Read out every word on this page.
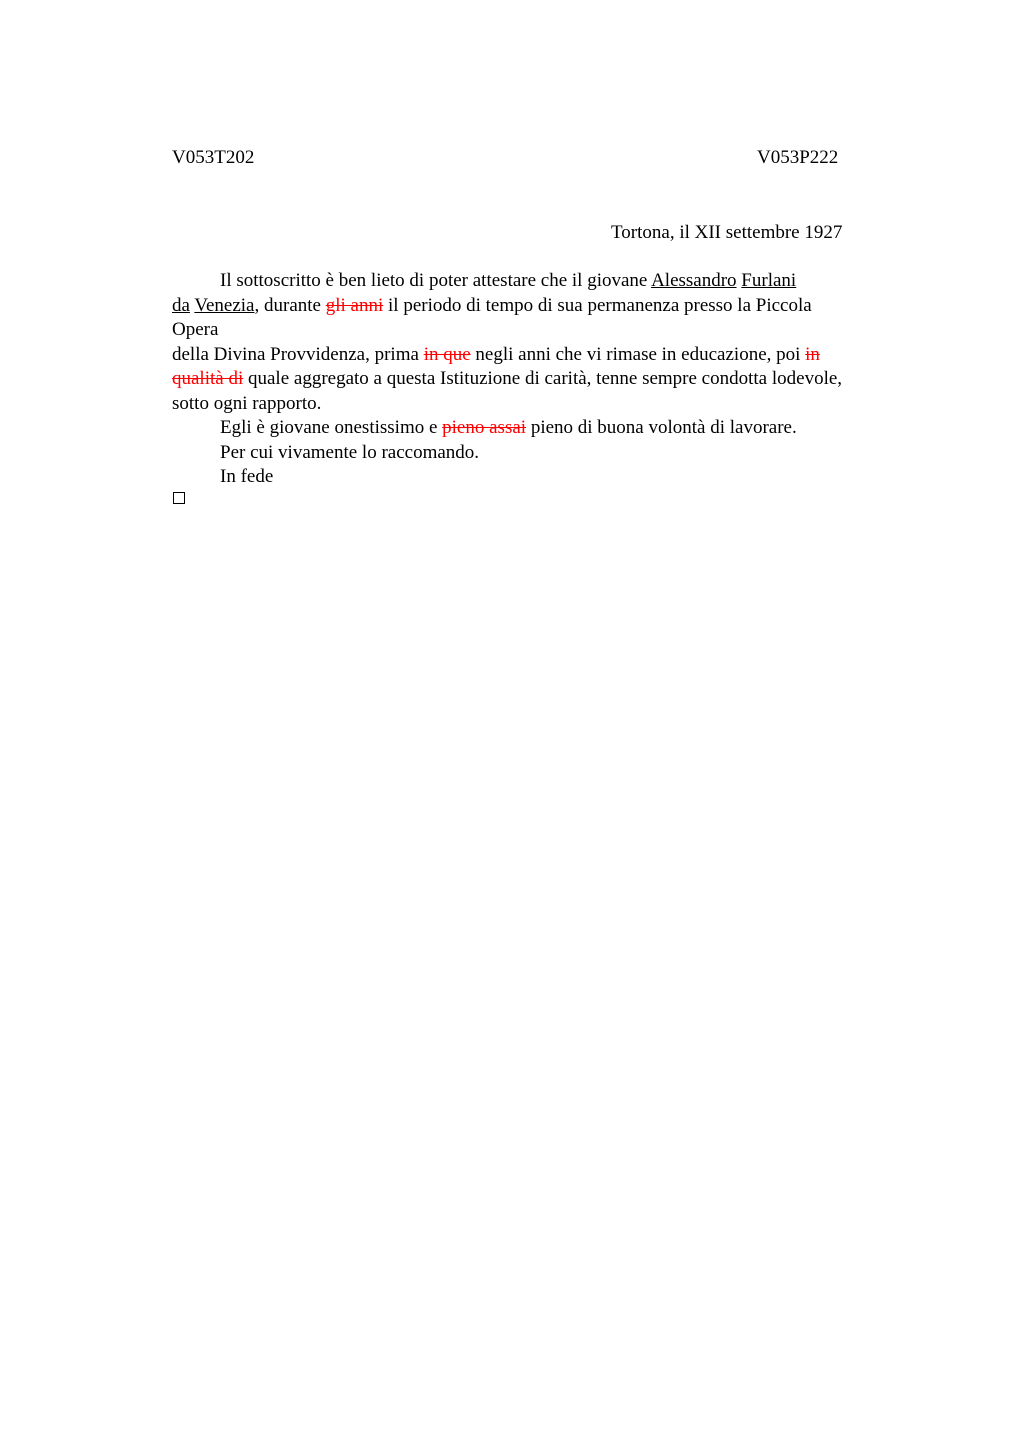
V053T202	V053P222
Tortona, il XII settembre 1927
Il sottoscritto è ben lieto di poter attestare che il giovane Alessandro Furlani
da Venezia, durante gli anni il periodo di tempo di sua permanenza presso la Piccola
Opera
della Divina Provvidenza, prima in que negli anni che vi rimase in educazione, poi in
qualità di quale aggregato a questa Istituzione di carità, tenne sempre condotta lodevole,
sotto ogni rapporto.
Egli è giovane onestissimo e pieno assai pieno di buona volontà di lavorare.
Per cui vivamente lo raccomando.
In fede
